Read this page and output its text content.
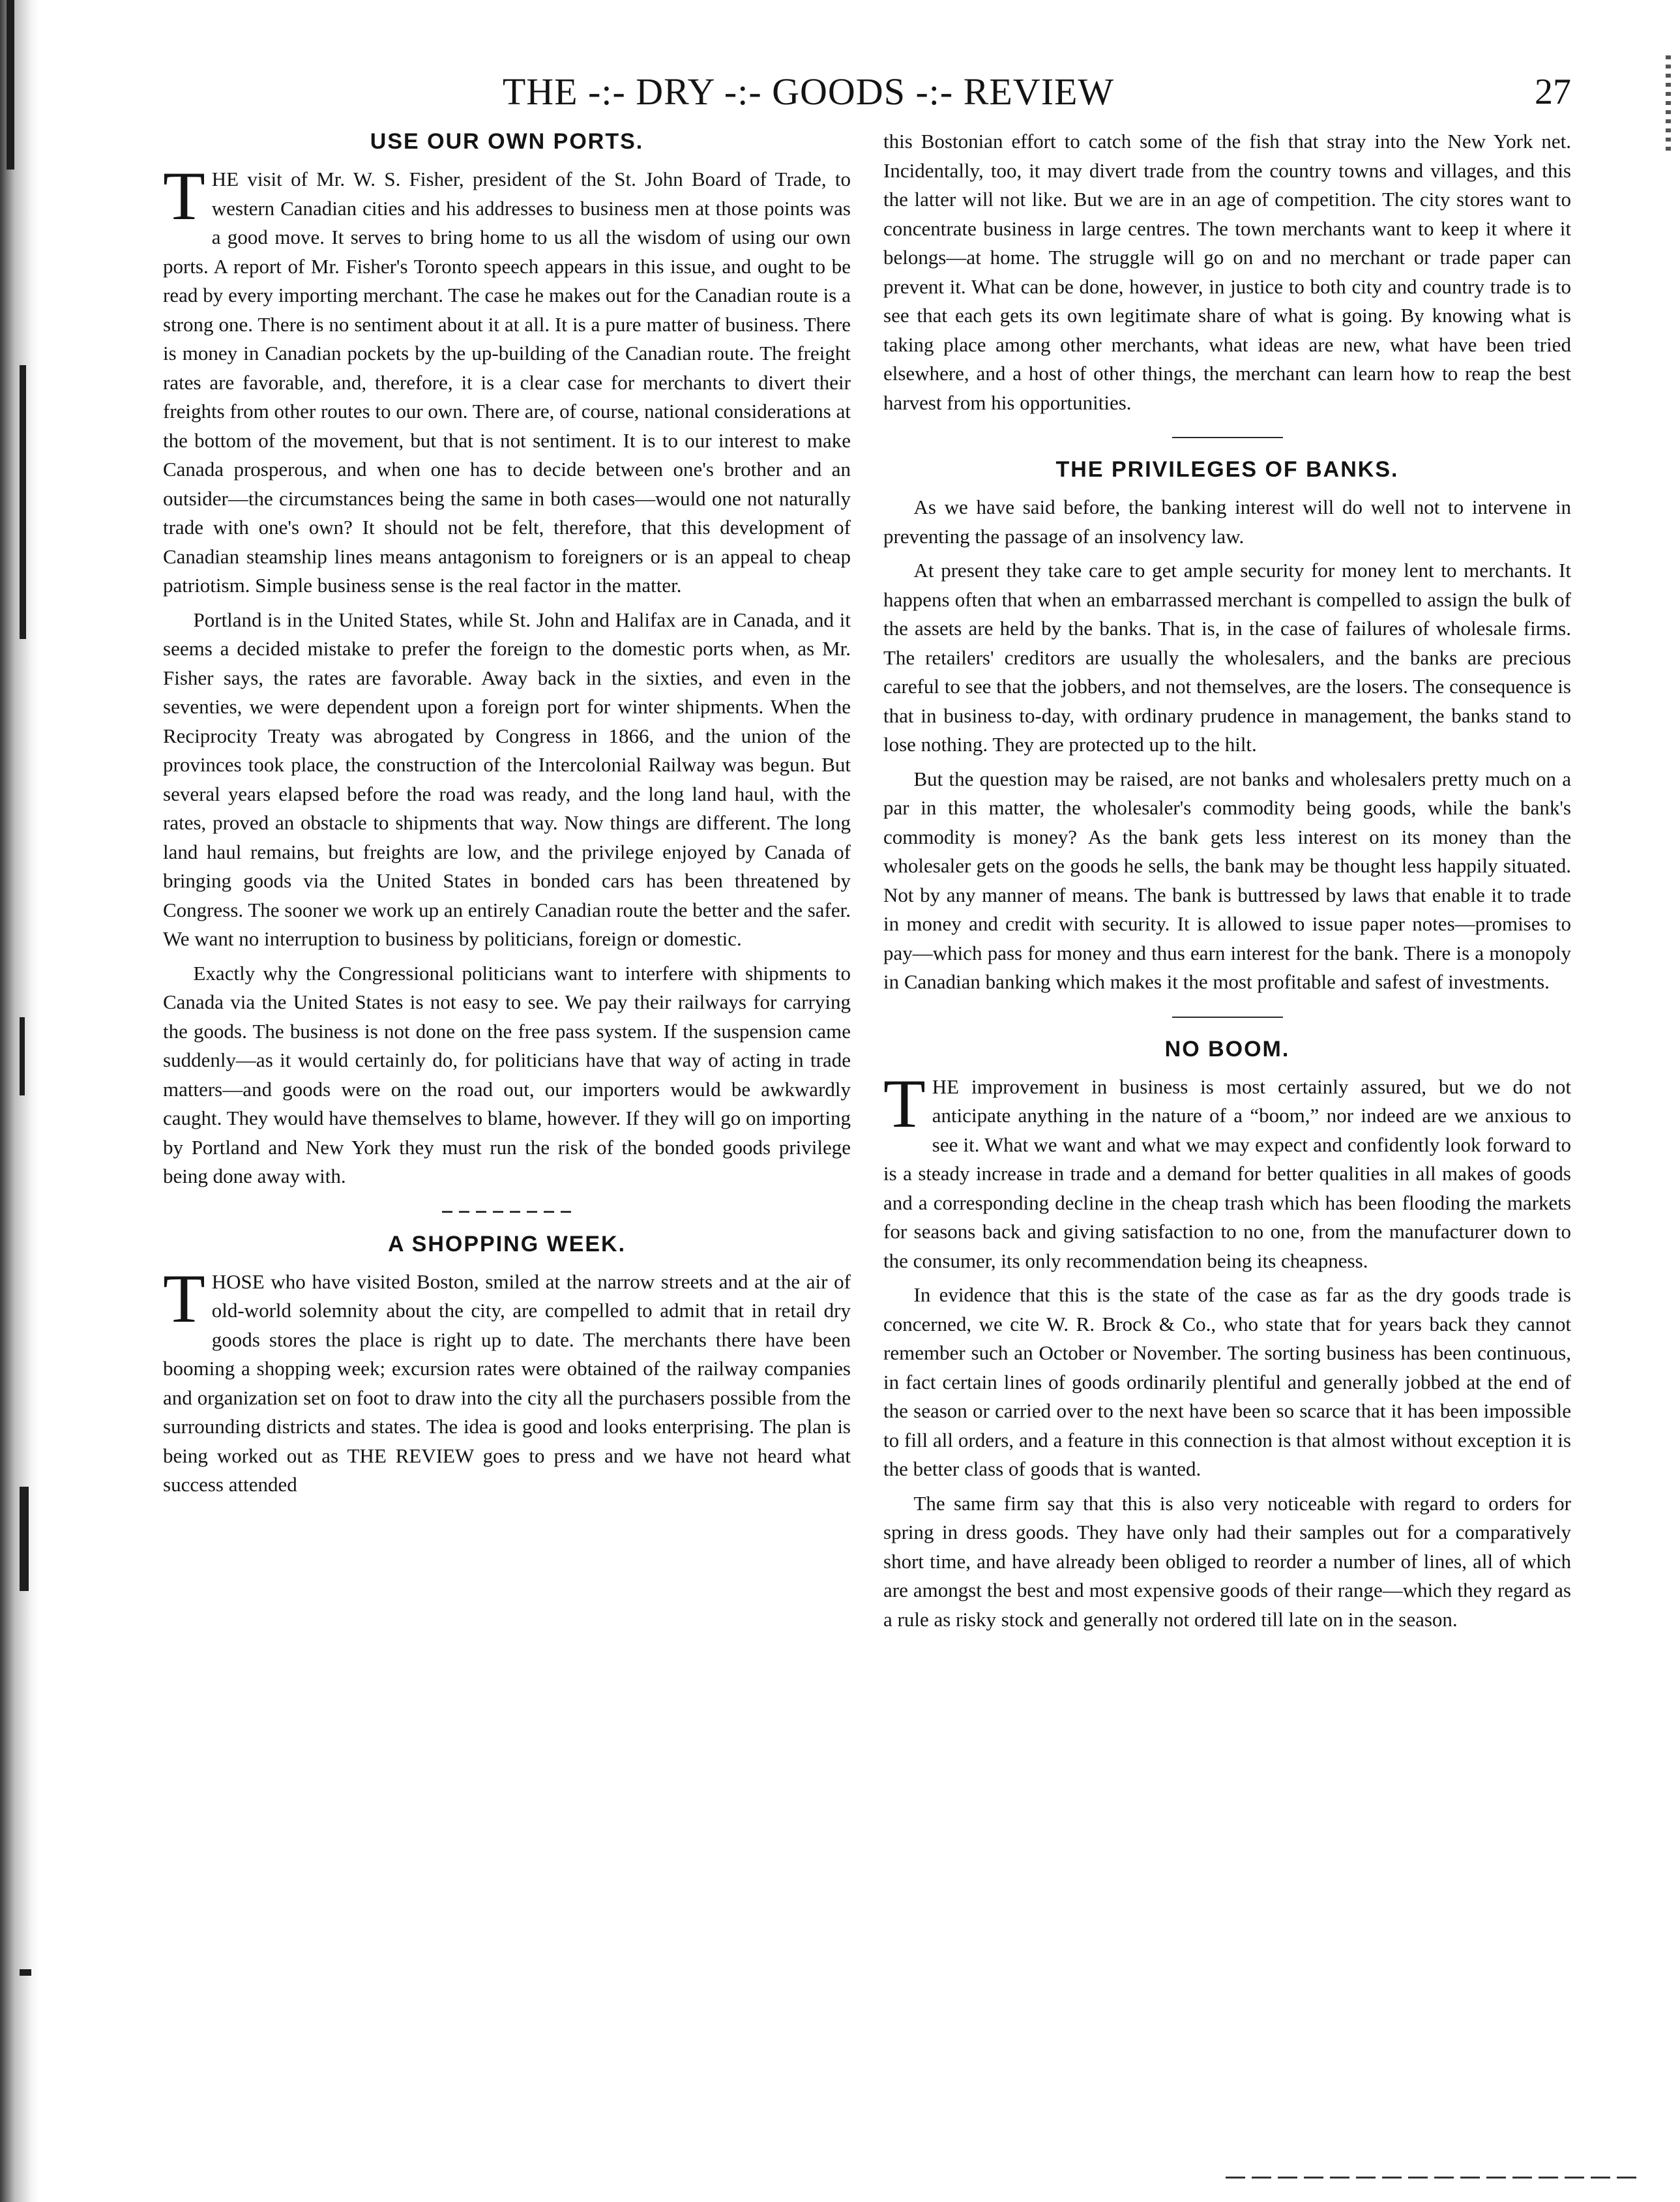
THE -:- DRY -:- GOODS -:- REVIEW	27
USE OUR OWN PORTS.

THE visit of Mr. W. S. Fisher, president of the St. John Board of Trade, to western Canadian cities and his addresses to business men at those points was a good move. It serves to bring home to us all the wisdom of using our own ports. A report of Mr. Fisher's Toronto speech appears in this issue, and ought to be read by every importing merchant. The case he makes out for the Canadian route is a strong one. There is no sentiment about it at all. It is a pure matter of business. There is money in Canadian pockets by the up-building of the Canadian route. The freight rates are favorable, and, therefore, it is a clear case for merchants to divert their freights from other routes to our own. There are, of course, national considerations at the bottom of the movement, but that is not sentiment. It is to our interest to make Canada prosperous, and when one has to decide between one's brother and an outsider—the circumstances being the same in both cases—would one not naturally trade with one's own? It should not be felt, therefore, that this development of Canadian steamship lines means antagonism to foreigners or is an appeal to cheap patriotism. Simple business sense is the real factor in the matter.

Portland is in the United States, while St. John and Halifax are in Canada, and it seems a decided mistake to prefer the foreign to the domestic ports when, as Mr. Fisher says, the rates are favorable. Away back in the sixties, and even in the seventies, we were dependent upon a foreign port for winter shipments. When the Reciprocity Treaty was abrogated by Congress in 1866, and the union of the provinces took place, the construction of the Intercolonial Railway was begun. But several years elapsed before the road was ready, and the long land haul, with the rates, proved an obstacle to shipments that way. Now things are different. The long land haul remains, but freights are low, and the privilege enjoyed by Canada of bringing goods via the United States in bonded cars has been threatened by Congress. The sooner we work up an entirely Canadian route the better and the safer. We want no interruption to business by politicians, foreign or domestic.

Exactly why the Congressional politicians want to interfere with shipments to Canada via the United States is not easy to see. We pay their railways for carrying the goods. The business is not done on the free pass system. If the suspension came suddenly—as it would certainly do, for politicians have that way of acting in trade matters—and goods were on the road out, our importers would be awkwardly caught. They would have themselves to blame, however. If they will go on importing by Portland and New York they must run the risk of the bonded goods privilege being done away with.

A SHOPPING WEEK.

THOSE who have visited Boston, smiled at the narrow streets and at the air of old-world solemnity about the city, are compelled to admit that in retail dry goods stores the place is right up to date. The merchants there have been booming a shopping week; excursion rates were obtained of the railway companies and organization set on foot to draw into the city all the purchasers possible from the surrounding districts and states. The idea is good and looks enterprising. The plan is being worked out as THE REVIEW goes to press and we have not heard what success attended

this Bostonian effort to catch some of the fish that stray into the New York net. Incidentally, too, it may divert trade from the country towns and villages, and this the latter will not like. But we are in an age of competition. The city stores want to concentrate business in large centres. The town merchants want to keep it where it belongs—at home. The struggle will go on and no merchant or trade paper can prevent it. What can be done, however, in justice to both city and country trade is to see that each gets its own legitimate share of what is going. By knowing what is taking place among other merchants, what ideas are new, what have been tried elsewhere, and a host of other things, the merchant can learn how to reap the best harvest from his opportunities.

THE PRIVILEGES OF BANKS.

As we have said before, the banking interest will do well not to intervene in preventing the passage of an insolvency law.

At present they take care to get ample security for money lent to merchants. It happens often that when an embarrassed merchant is compelled to assign the bulk of the assets are held by the banks. That is, in the case of failures of wholesale firms. The retailers' creditors are usually the wholesalers, and the banks are precious careful to see that the jobbers, and not themselves, are the losers. The consequence is that in business to-day, with ordinary prudence in management, the banks stand to lose nothing. They are protected up to the hilt.

But the question may be raised, are not banks and wholesalers pretty much on a par in this matter, the wholesaler's commodity being goods, while the bank's commodity is money? As the bank gets less interest on its money than the wholesaler gets on the goods he sells, the bank may be thought less happily situated. Not by any manner of means. The bank is buttressed by laws that enable it to trade in money and credit with security. It is allowed to issue paper notes—promises to pay—which pass for money and thus earn interest for the bank. There is a monopoly in Canadian banking which makes it the most profitable and safest of investments.

NO BOOM.

THE improvement in business is most certainly assured, but we do not anticipate anything in the nature of a “boom,” nor indeed are we anxious to see it. What we want and what we may expect and confidently look forward to is a steady increase in trade and a demand for better qualities in all makes of goods and a corresponding decline in the cheap trash which has been flooding the markets for seasons back and giving satisfaction to no one, from the manufacturer down to the consumer, its only recommendation being its cheapness.

In evidence that this is the state of the case as far as the dry goods trade is concerned, we cite W. R. Brock & Co., who state that for years back they cannot remember such an October or November. The sorting business has been continuous, in fact certain lines of goods ordinarily plentiful and generally jobbed at the end of the season or carried over to the next have been so scarce that it has been impossible to fill all orders, and a feature in this connection is that almost without exception it is the better class of goods that is wanted.

The same firm say that this is also very noticeable with regard to orders for spring in dress goods. They have only had their samples out for a comparatively short time, and have already been obliged to reorder a number of lines, all of which are amongst the best and most expensive goods of their range—which they regard as a rule as risky stock and generally not ordered till late on in the season.
